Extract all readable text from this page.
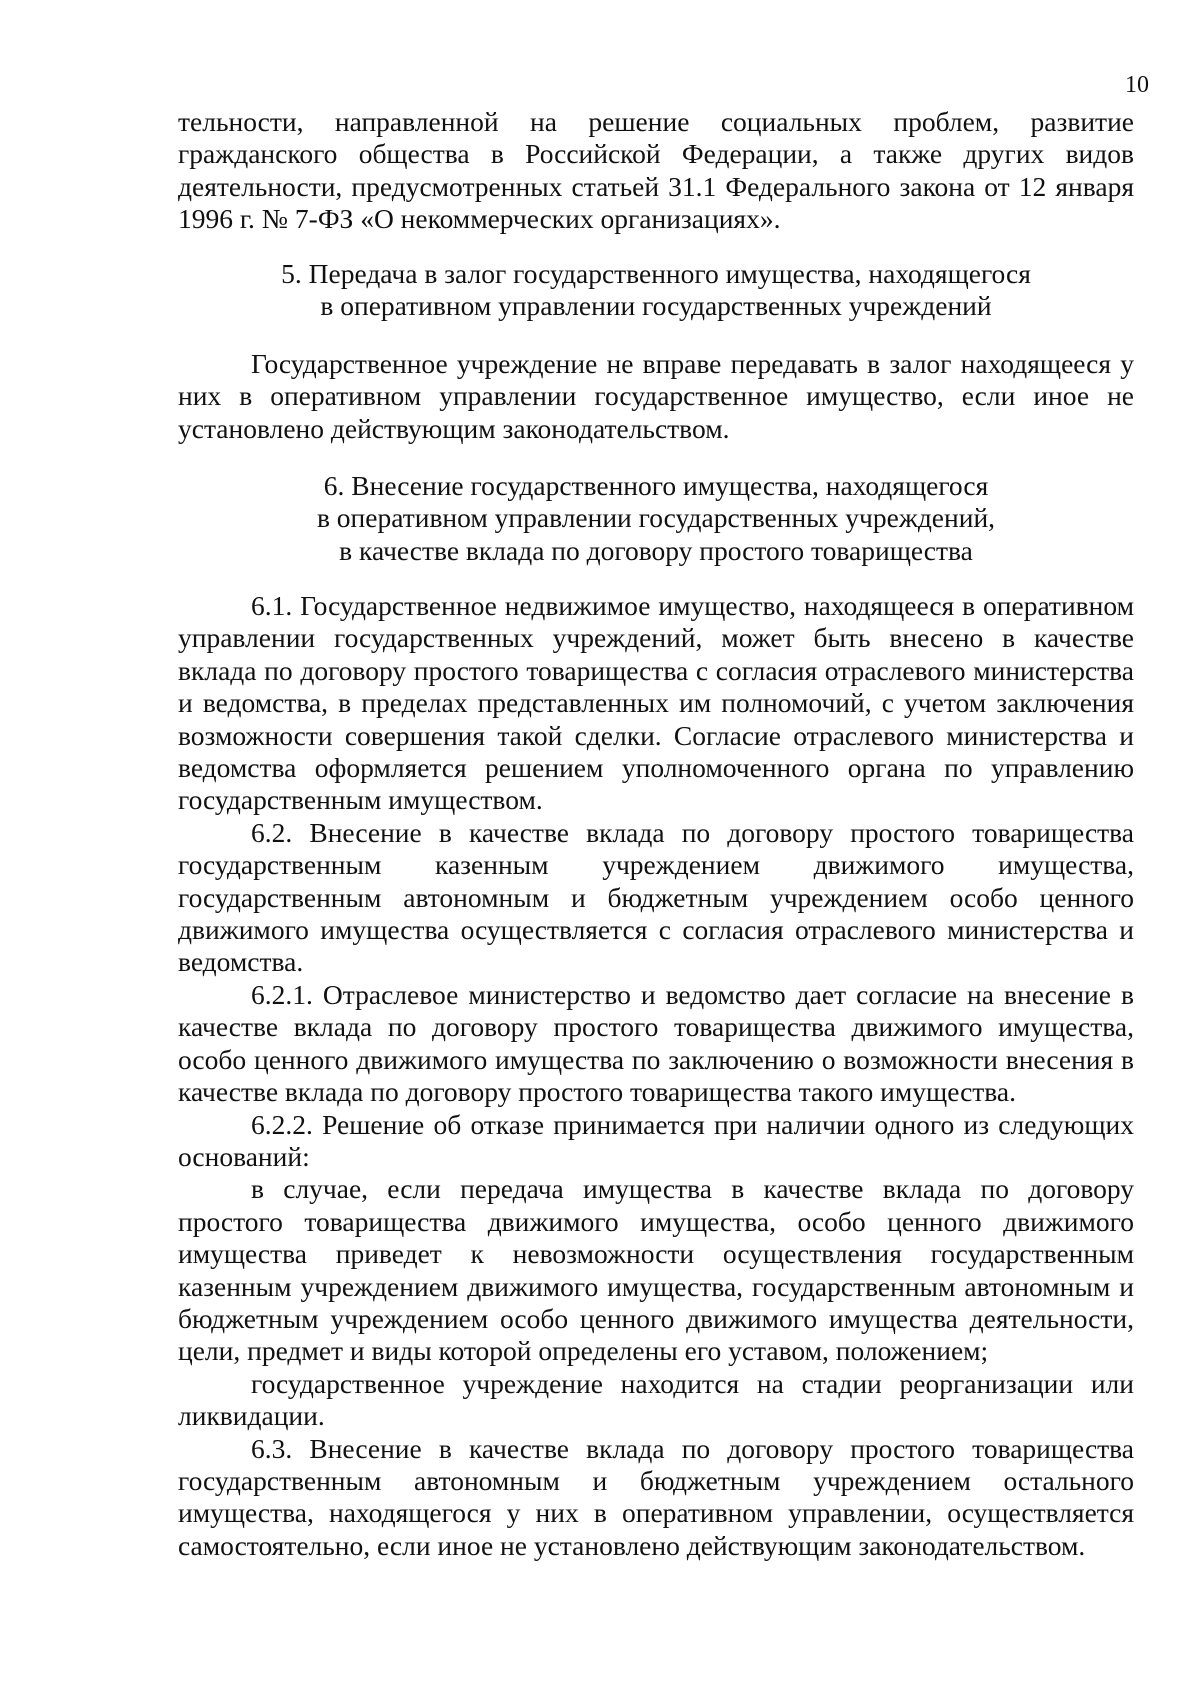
10

тельности, направленной на решение социальных проблем, развитие гражданского общества в Российской Федерации, а также других видов деятельности, предусмотренных статьей 31.1 Федерального закона от 12 января 1996 г. № 7-ФЗ «О некоммерческих организациях».

5. Передача в залог государственного имущества, находящегося
в оперативном управлении государственных учреждений

Государственное учреждение не вправе передавать в залог находящееся у них в оперативном управлении государственное имущество, если иное не установлено действующим законодательством.

6. Внесение государственного имущества, находящегося
в оперативном управлении государственных учреждений,
в качестве вклада по договору простого товарищества

6.1. Государственное недвижимое имущество, находящееся в оперативном управлении государственных учреждений, может быть внесено в качестве вклада по договору простого товарищества с согласия отраслевого министерства и ведомства, в пределах представленных им полномочий, с учетом заключения возможности совершения такой сделки. Согласие отраслевого министерства и ведомства оформляется решением уполномоченного органа по управлению государственным имуществом.

6.2. Внесение в качестве вклада по договору простого товарищества государственным казенным учреждением движимого имущества, государственным автономным и бюджетным учреждением особо ценного движимого имущества осуществляется с согласия отраслевого министерства и ведомства.

6.2.1. Отраслевое министерство и ведомство дает согласие на внесение в качестве вклада по договору простого товарищества движимого имущества, особо ценного движимого имущества по заключению о возможности внесения в качестве вклада по договору простого товарищества такого имущества.

6.2.2. Решение об отказе принимается при наличии одного из следующих оснований:

в случае, если передача имущества в качестве вклада по договору простого товарищества движимого имущества, особо ценного движимого имущества приведет к невозможности осуществления государственным казенным учреждением движимого имущества, государственным автономным и бюджетным учреждением особо ценного движимого имущества деятельности, цели, предмет и виды которой определены его уставом, положением;

государственное учреждение находится на стадии реорганизации или ликвидации.

6.3. Внесение в качестве вклада по договору простого товарищества государственным автономным и бюджетным учреждением остального имущества, находящегося у них в оперативном управлении, осуществляется самостоятельно, если иное не установлено действующим законодательством.
